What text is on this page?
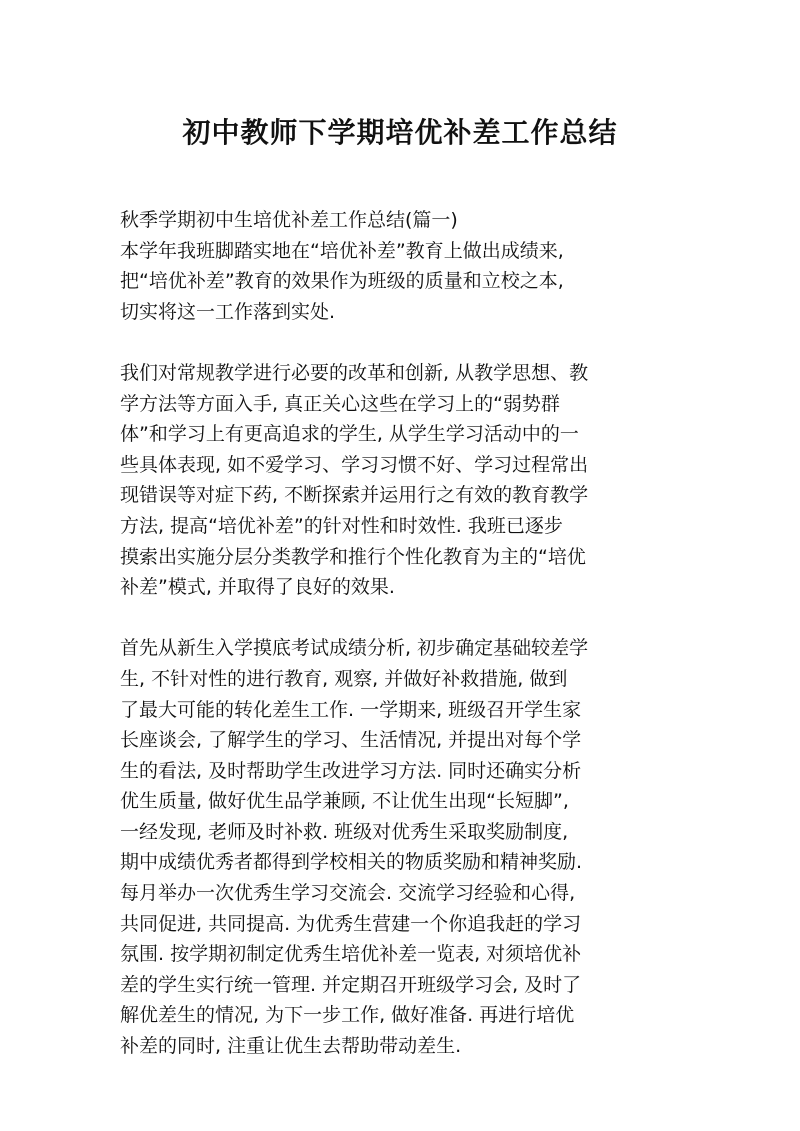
初中教师下学期培优补差工作总结
秋季学期初中生培优补差工作总结(篇一)
本学年我班脚踏实地在“培优补差”教育上做出成绩来,
把“培优补差”教育的效果作为班级的质量和立校之本,
切实将这一工作落到实处.
我们对常规教学进行必要的改革和创新, 从教学思想、教
学方法等方面入手, 真正关心这些在学习上的“弱势群
体”和学习上有更高追求的学生, 从学生学习活动中的一
些具体表现, 如不爱学习、学习习惯不好、学习过程常出
现错误等对症下药, 不断探索并运用行之有效的教育教学
方法, 提高“培优补差”的针对性和时效性. 我班已逐步
摸索出实施分层分类教学和推行个性化教育为主的“培优
补差”模式, 并取得了良好的效果.
首先从新生入学摸底考试成绩分析, 初步确定基础较差学
生, 不针对性的进行教育, 观察, 并做好补救措施, 做到
了最大可能的转化差生工作. 一学期来, 班级召开学生家
长座谈会, 了解学生的学习、生活情况, 并提出对每个学
生的看法, 及时帮助学生改进学习方法. 同时还确实分析
优生质量, 做好优生品学兼顾, 不让优生出现“长短脚”,
一经发现, 老师及时补救. 班级对优秀生采取奖励制度,
期中成绩优秀者都得到学校相关的物质奖励和精神奖励.
每月举办一次优秀生学习交流会. 交流学习经验和心得,
共同促进, 共同提高. 为优秀生营建一个你追我赶的学习
氛围. 按学期初制定优秀生培优补差一览表, 对须培优补
差的学生实行统一管理. 并定期召开班级学习会, 及时了
解优差生的情况, 为下一步工作, 做好准备. 再进行培优
补差的同时, 注重让优生去帮助带动差生.
